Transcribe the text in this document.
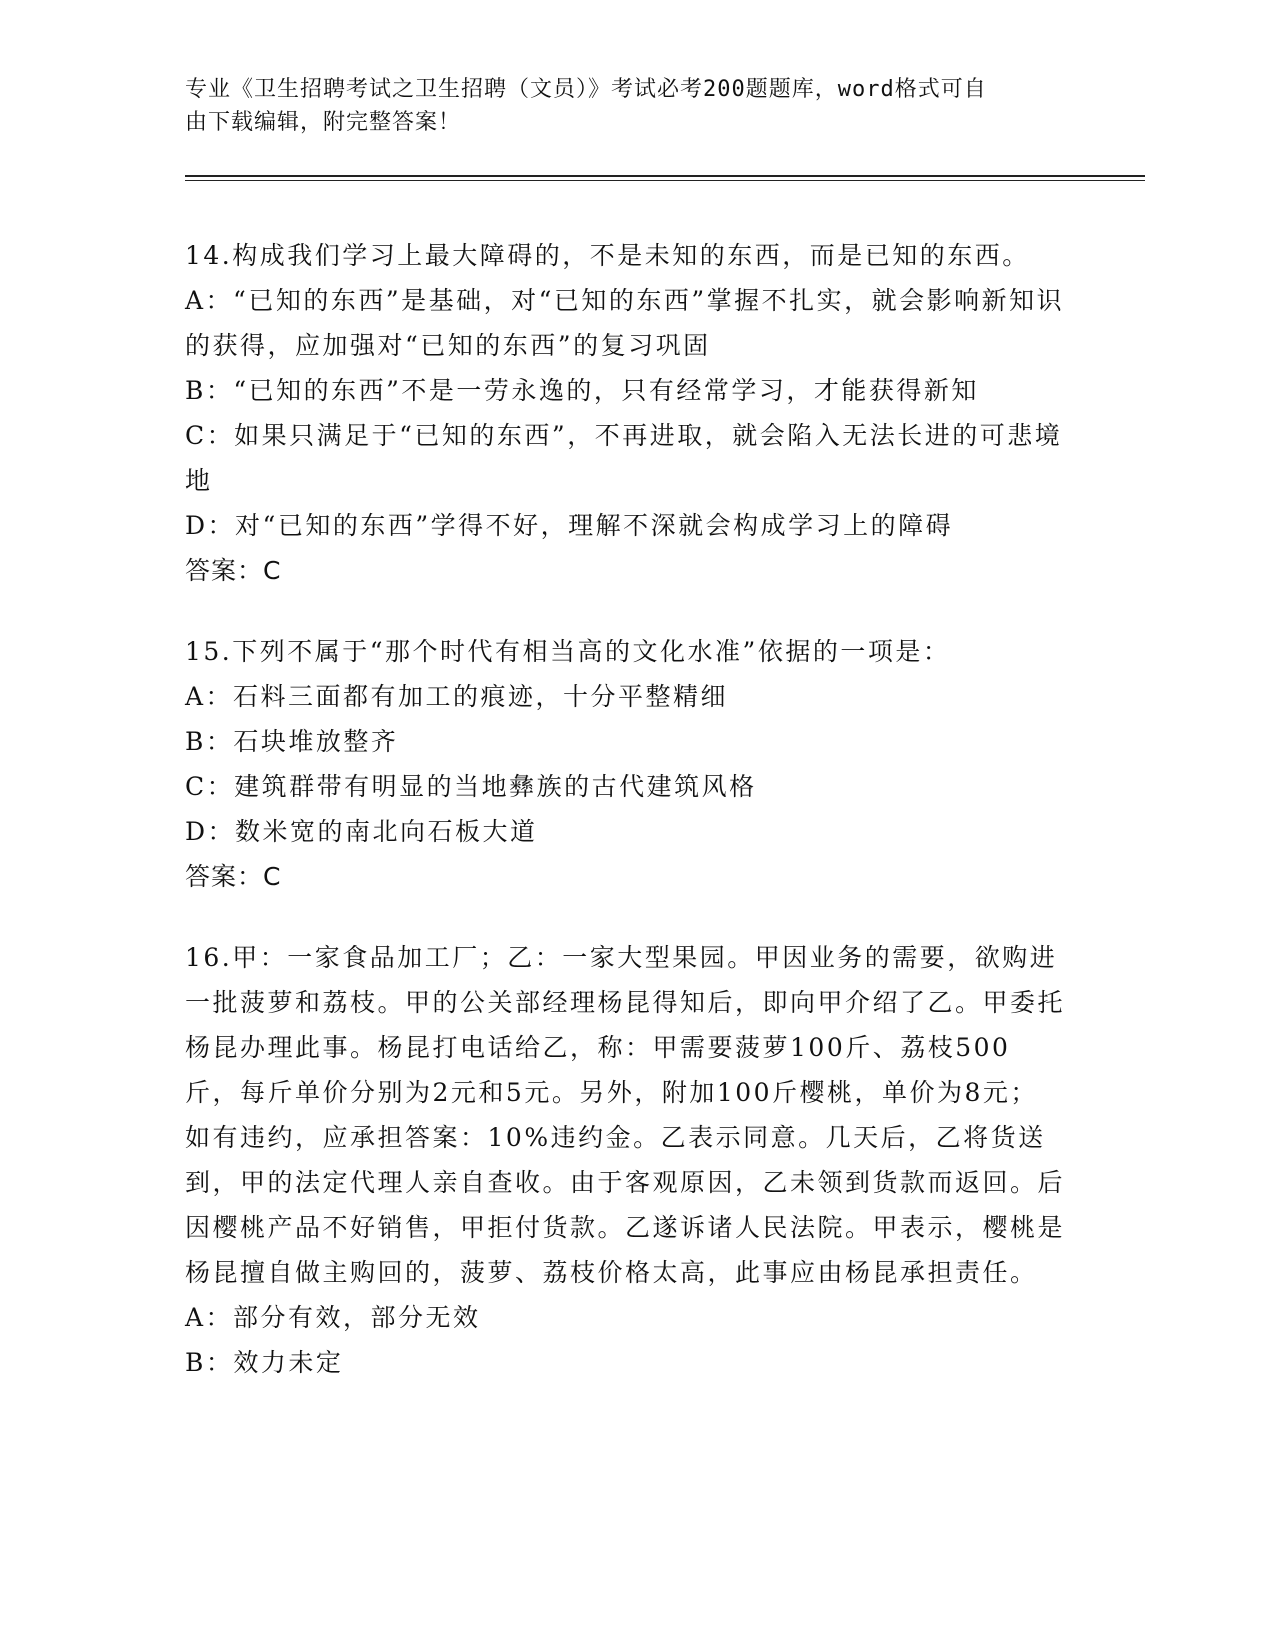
专业《卫生招聘考试之卫生招聘（文员）》考试必考200题题库，word格式可自
由下载编辑，附完整答案！

14.构成我们学习上最大障碍的，不是未知的东西，而是已知的东西。

A：“已知的东西”是基础，对“已知的东西”掌握不扎实，就会影响新知识的获得，应加强对“已知的东西”的复习巩固

B：“已知的东西”不是一劳永逸的，只有经常学习，才能获得新知

C：如果只满足于“已知的东西”，不再进取，就会陷入无法长进的可悲境地

D：对“已知的东西”学得不好，理解不深就会构成学习上的障碍

答案：C

15.下列不属于“那个时代有相当高的文化水准”依据的一项是：

A：石料三面都有加工的痕迹，十分平整精细

B：石块堆放整齐

C：建筑群带有明显的当地彝族的古代建筑风格

D：数米宽的南北向石板大道

答案：C

16.甲：一家食品加工厂；乙：一家大型果园。甲因业务的需要，欲购进一批菠萝和荔枝。甲的公关部经理杨昆得知后，即向甲介绍了乙。甲委托杨昆办理此事。杨昆打电话给乙，称：甲需要菠萝100斤、荔枝500斤，每斤单价分别为2元和5元。另外，附加100斤樱桃，单价为8元；如有违约，应承担答案：10%违约金。乙表示同意。几天后，乙将货送到，甲的法定代理人亲自查收。由于客观原因，乙未领到货款而返回。后因樱桃产品不好销售，甲拒付货款。乙遂诉诸人民法院。甲表示，樱桃是杨昆擅自做主购回的，菠萝、荔枝价格太高，此事应由杨昆承担责任。

A：部分有效，部分无效

B：效力未定
